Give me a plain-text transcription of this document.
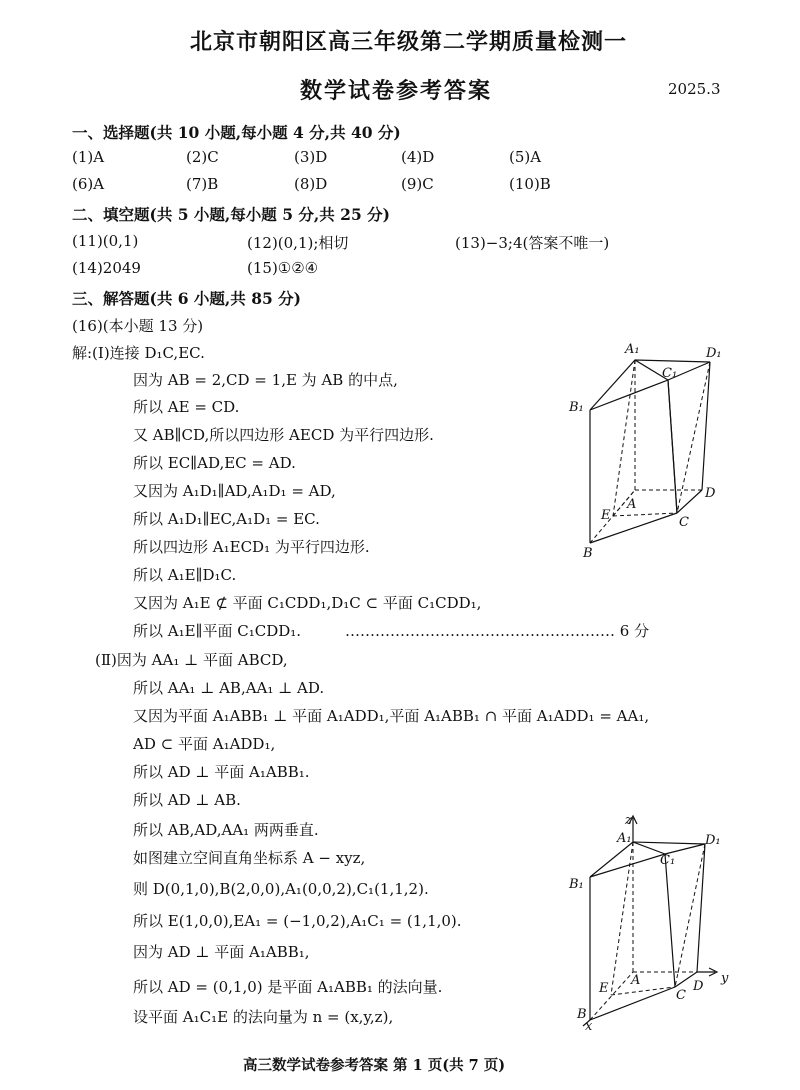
北京市朝阳区高三年级第二学期质量检测一
数学试卷参考答案	2025.3
一、选择题(共 10 小题,每小题 4 分,共 40 分)
(1)A	(2)C	(3)D	(4)D	(5)A
(6)A	(7)B	(8)D	(9)C	(10)B
二、填空题(共 5 小题,每小题 5 分,共 25 分)
(11)(0,1)	(12)(0,1);相切	(13)−3;4(答案不唯一)
(14)2049	(15)①②④
三、解答题(共 6 小题,共 85 分)
(16)(本小题 13 分)
解:(Ⅰ)连接 D₁C,EC.
因为 AB = 2,CD = 1,E 为 AB 的中点,
所以 AE = CD.
又 AB∥CD,所以四边形 AECD 为平行四边形.
所以 EC∥AD,EC = AD.
又因为 A₁D₁∥AD,A₁D₁ = AD,
所以 A₁D₁∥EC,A₁D₁ = EC.
所以四边形 A₁ECD₁ 为平行四边形.
所以 A₁E∥D₁C.
又因为 A₁E ⊄ 平面 C₁CDD₁,D₁C ⊂ 平面 C₁CDD₁,
所以 A₁E∥平面 C₁CDD₁.	……………………………………………… 6 分
(Ⅱ)因为 AA₁ ⊥ 平面 ABCD,
所以 AA₁ ⊥ AB,AA₁ ⊥ AD.
又因为平面 A₁ABB₁ ⊥ 平面 A₁ADD₁,平面 A₁ABB₁ ∩ 平面 A₁ADD₁ = AA₁,
AD ⊂ 平面 A₁ADD₁,
所以 AD ⊥ 平面 A₁ABB₁.
所以 AD ⊥ AB.
所以 AB,AD,AA₁ 两两垂直.
如图建立空间直角坐标系 A − xyz,
则 D(0,1,0),B(2,0,0),A₁(0,0,2),C₁(1,1,2).
所以 E(1,0,0),EA₁ = (−1,0,2),A₁C₁ = (1,1,0).
因为 AD ⊥ 平面 A₁ABB₁,
所以 AD = (0,1,0) 是平面 A₁ABB₁ 的法向量.
设平面 A₁C₁E 的法向量为 n = (x,y,z),
A₁
C₁
D₁
B₁
A
E
D
C
B
z
A₁
C₁
D₁
B₁
A
E	D
C
y
B
x
高三数学试卷参考答案 第 1 页(共 7 页)
